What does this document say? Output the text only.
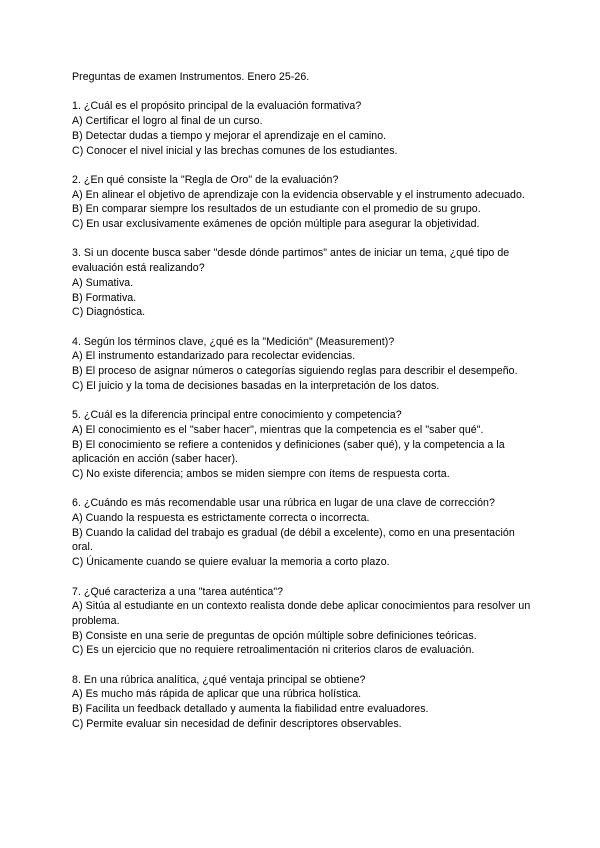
Preguntas de examen Instrumentos. Enero 25-26.

1. ¿Cuál es el propósito principal de la evaluación formativa?

A) Certificar el logro al final de un curso.

B) Detectar dudas a tiempo y mejorar el aprendizaje en el camino.

C) Conocer el nivel inicial y las brechas comunes de los estudiantes.

2. ¿En qué consiste la "Regla de Oro" de la evaluación?

A) En alinear el objetivo de aprendizaje con la evidencia observable y el instrumento adecuado.

B) En comparar siempre los resultados de un estudiante con el promedio de su grupo.

C) En usar exclusivamente exámenes de opción múltiple para asegurar la objetividad.

3. Si un docente busca saber "desde dónde partimos" antes de iniciar un tema, ¿qué tipo de evaluación está realizando?

A) Sumativa.

B) Formativa.

C) Diagnóstica.

4. Según los términos clave, ¿qué es la "Medición" (Measurement)?

A) El instrumento estandarizado para recolectar evidencias.

B) El proceso de asignar números o categorías siguiendo reglas para describir el desempeño.

C) El juicio y la toma de decisiones basadas en la interpretación de los datos.

5. ¿Cuál es la diferencia principal entre conocimiento y competencia?

A) El conocimiento es el "saber hacer", mientras que la competencia es el "saber qué".

B) El conocimiento se refiere a contenidos y definiciones (saber qué), y la competencia a la aplicación en acción (saber hacer).

C) No existe diferencia; ambos se miden siempre con ítems de respuesta corta.

6. ¿Cuándo es más recomendable usar una rúbrica en lugar de una clave de corrección?

A) Cuando la respuesta es estrictamente correcta o incorrecta.

B) Cuando la calidad del trabajo es gradual (de débil a excelente), como en una presentación oral.

C) Únicamente cuando se quiere evaluar la memoria a corto plazo.

7. ¿Qué caracteriza a una "tarea auténtica"?

A) Sitúa al estudiante en un contexto realista donde debe aplicar conocimientos para resolver un problema.

B) Consiste en una serie de preguntas de opción múltiple sobre definiciones teóricas.

C) Es un ejercicio que no requiere retroalimentación ni criterios claros de evaluación.

8. En una rúbrica analítica, ¿qué ventaja principal se obtiene?

A) Es mucho más rápida de aplicar que una rúbrica holística.

B) Facilita un feedback detallado y aumenta la fiabilidad entre evaluadores.

C) Permite evaluar sin necesidad de definir descriptores observables.
